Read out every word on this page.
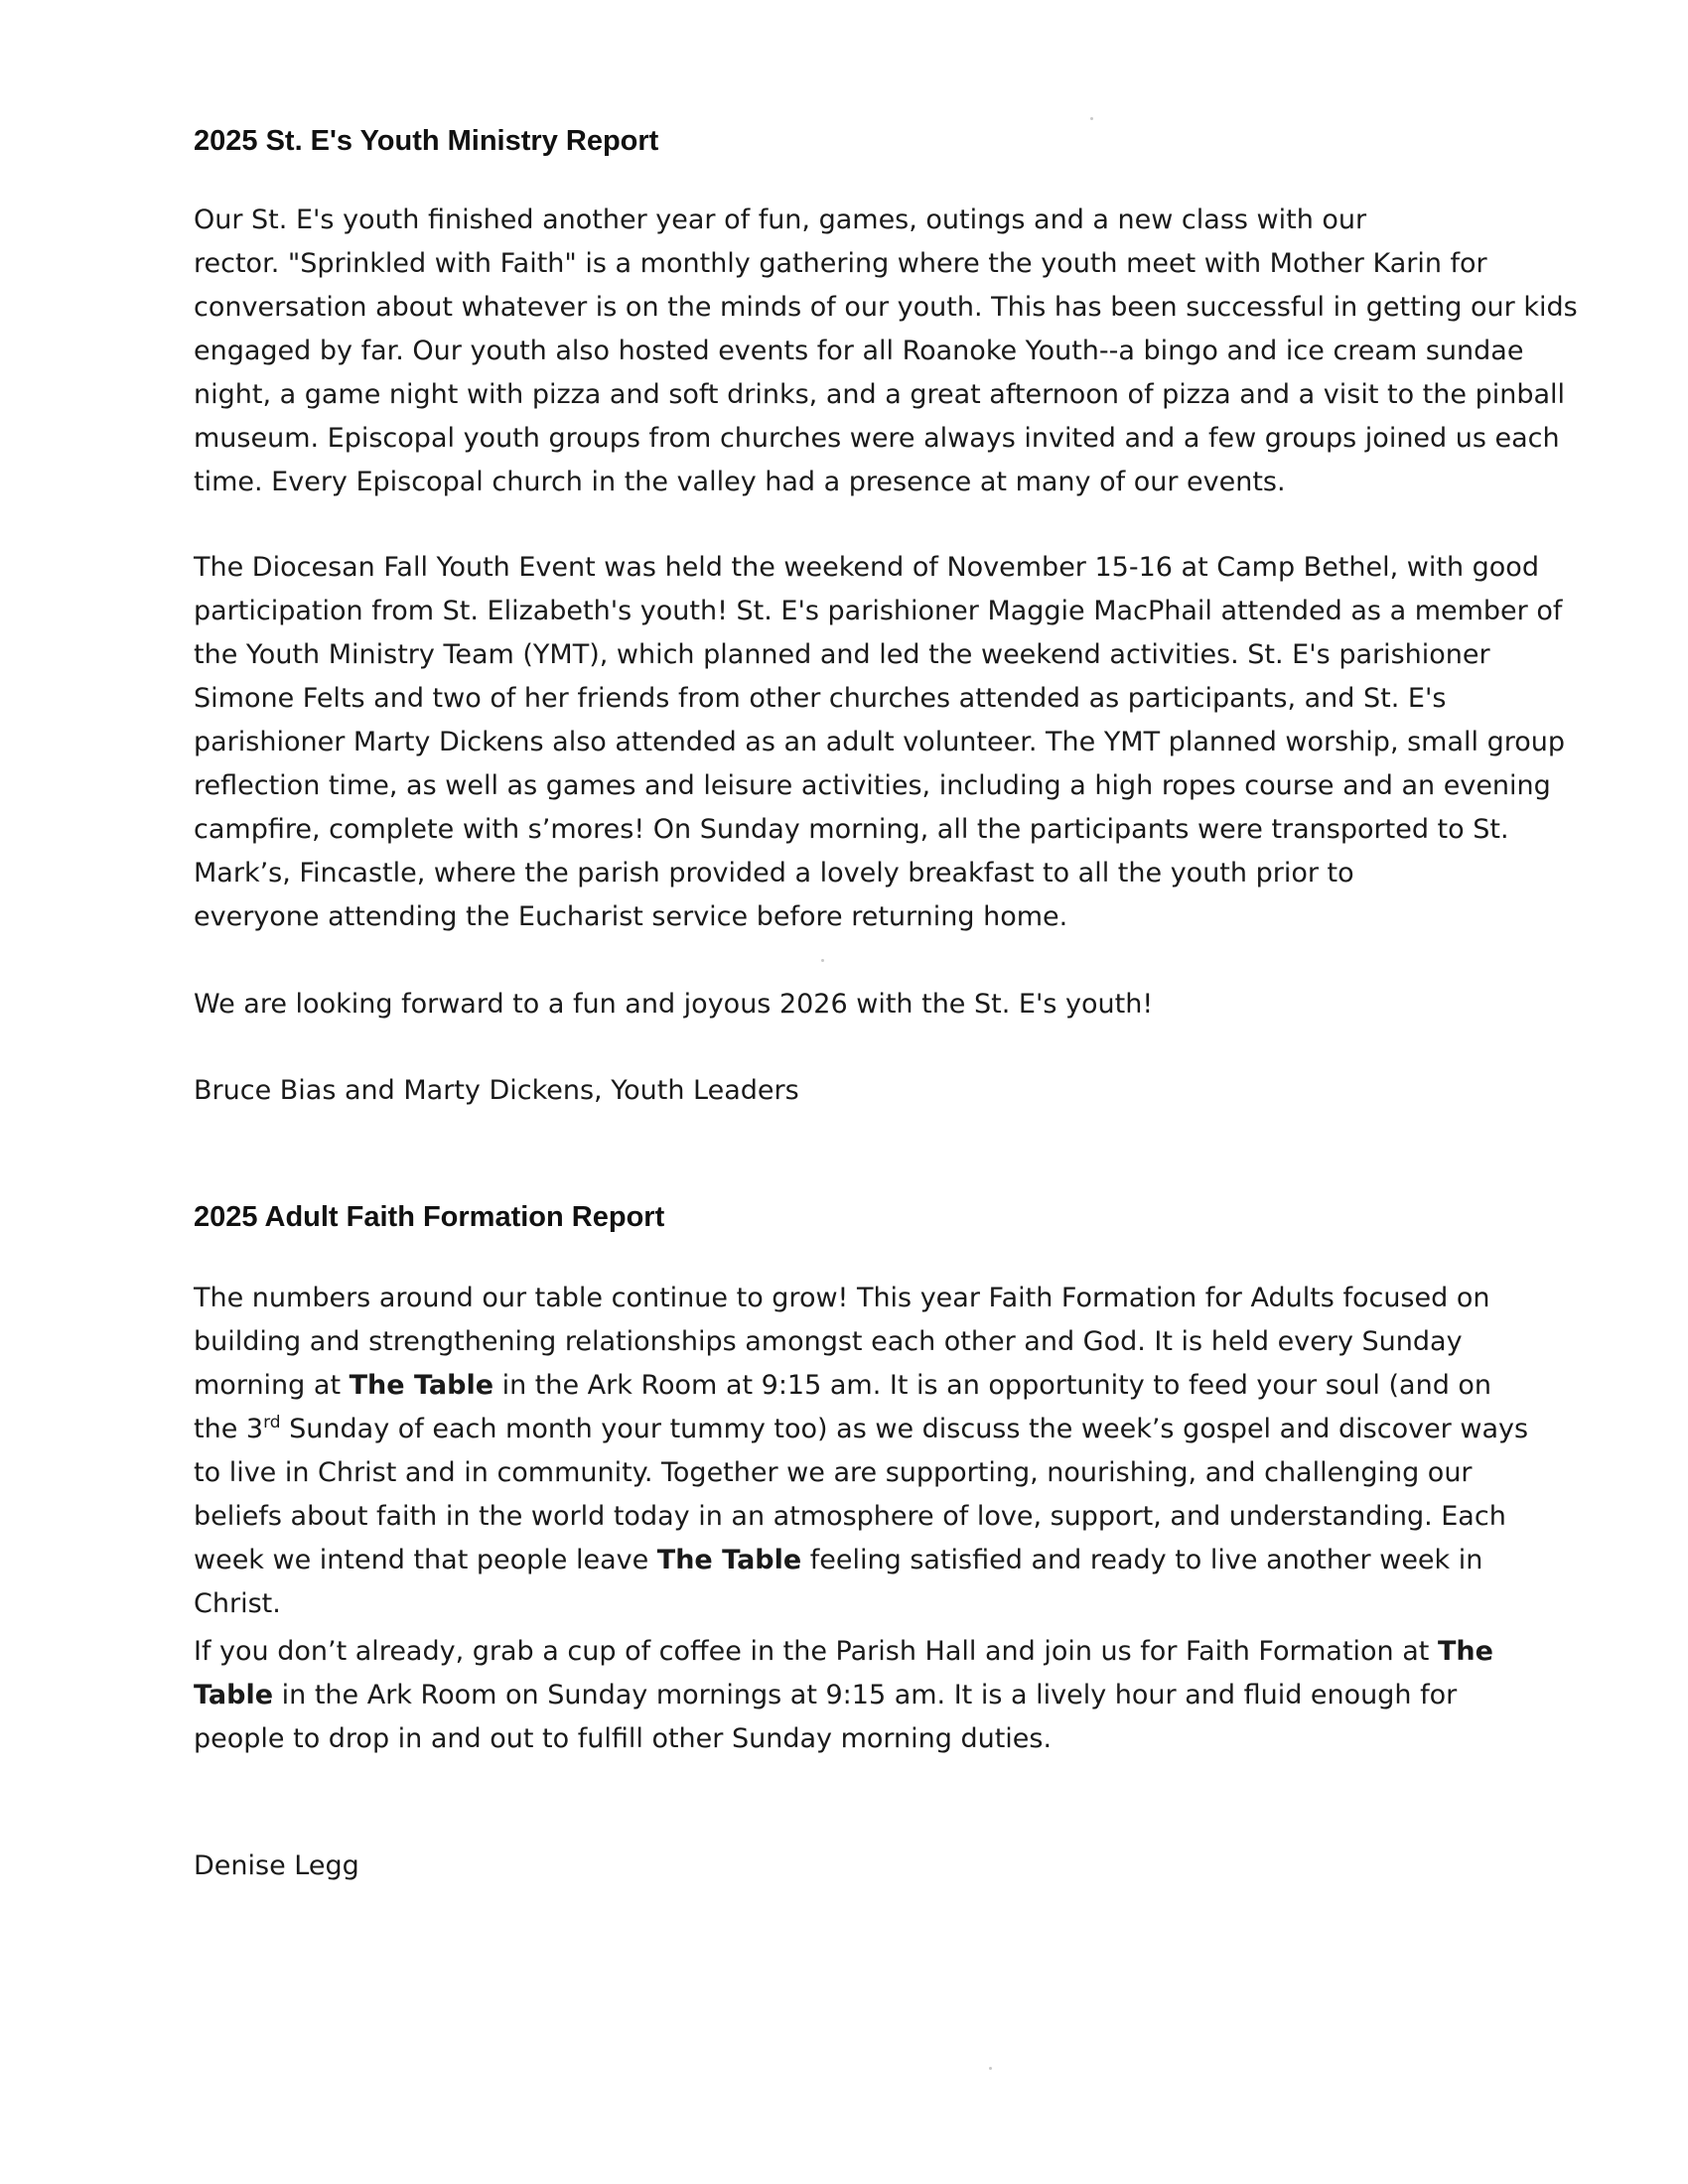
2025 St. E's Youth Ministry Report

Our St. E's youth finished another year of fun, games, outings and a new class with our
rector. "Sprinkled with Faith" is a monthly gathering where the youth meet with Mother Karin for
conversation about whatever is on the minds of our youth. This has been successful in getting our kids
engaged by far. Our youth also hosted events for all Roanoke Youth--a bingo and ice cream sundae
night, a game night with pizza and soft drinks, and a great afternoon of pizza and a visit to the pinball
museum. Episcopal youth groups from churches were always invited and a few groups joined us each
time. Every Episcopal church in the valley had a presence at many of our events.

The Diocesan Fall Youth Event was held the weekend of November 15-16 at Camp Bethel, with good
participation from St. Elizabeth's youth! St. E's parishioner Maggie MacPhail attended as a member of
the Youth Ministry Team (YMT), which planned and led the weekend activities. St. E's parishioner
Simone Felts and two of her friends from other churches attended as participants, and St. E's
parishioner Marty Dickens also attended as an adult volunteer. The YMT planned worship, small group
reflection time, as well as games and leisure activities, including a high ropes course and an evening
campfire, complete with s’mores! On Sunday morning, all the participants were transported to St.
Mark’s, Fincastle, where the parish provided a lovely breakfast to all the youth prior to
everyone attending the Eucharist service before returning home.

We are looking forward to a fun and joyous 2026 with the St. E's youth!

Bruce Bias and Marty Dickens, Youth Leaders

2025 Adult Faith Formation Report

The numbers around our table continue to grow! This year Faith Formation for Adults focused on
building and strengthening relationships amongst each other and God. It is held every Sunday
morning at The Table in the Ark Room at 9:15 am. It is an opportunity to feed your soul (and on
the 3rd Sunday of each month your tummy too) as we discuss the week’s gospel and discover ways
to live in Christ and in community. Together we are supporting, nourishing, and challenging our
beliefs about faith in the world today in an atmosphere of love, support, and understanding. Each
week we intend that people leave The Table feeling satisfied and ready to live another week in
Christ.

If you don’t already, grab a cup of coffee in the Parish Hall and join us for Faith Formation at The
Table in the Ark Room on Sunday mornings at 9:15 am. It is a lively hour and fluid enough for
people to drop in and out to fulfill other Sunday morning duties.

Denise Legg
